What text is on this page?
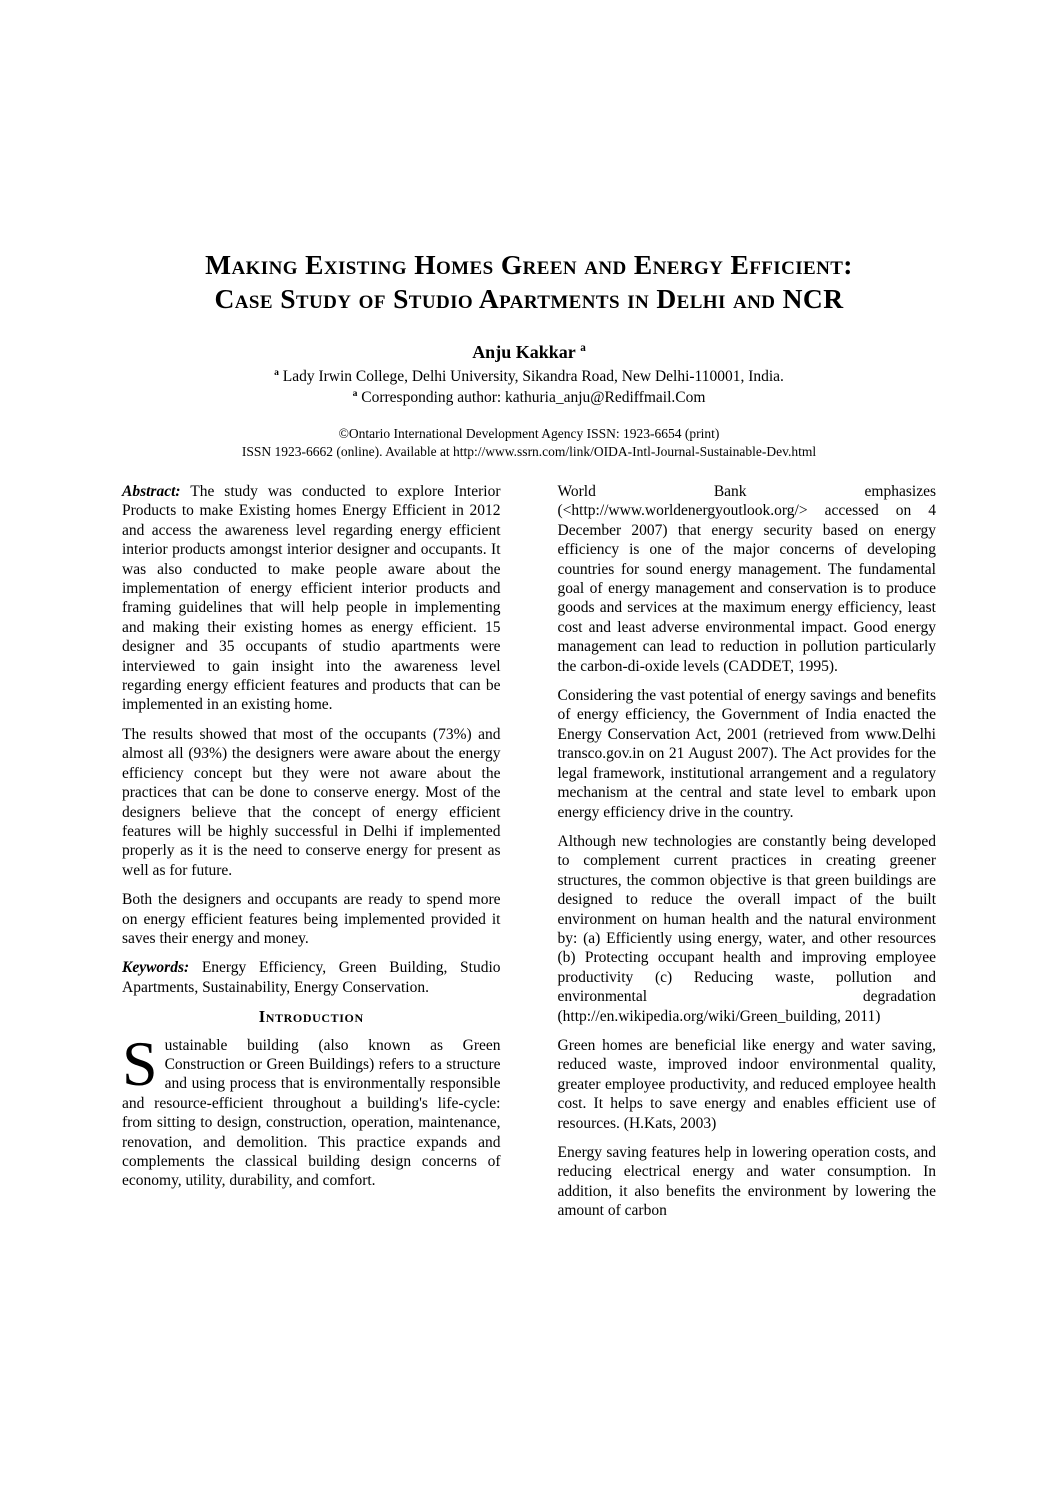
Making Existing Homes Green and Energy Efficient:
Case Study of Studio Apartments in Delhi and NCR
Anju Kakkar $^a$
$^a$ Lady Irwin College, Delhi University, Sikandra Road, New Delhi-110001, India.
$^a$ Corresponding author: kathuria_anju@Rediffmail.Com
©Ontario International Development Agency ISSN: 1923-6654 (print)
ISSN 1923-6662 (online). Available at http://www.ssrn.com/link/OIDA-Intl-Journal-Sustainable-Dev.html

Abstract: The study was conducted to explore Interior Products to make Existing homes Energy Efficient in 2012 and access the awareness level regarding energy efficient interior products amongst interior designer and occupants. It was also conducted to make people aware about the implementation of energy efficient interior products and framing guidelines that will help people in implementing and making their existing homes as energy efficient. 15 designer and 35 occupants of studio apartments were interviewed to gain insight into the awareness level regarding energy efficient features and products that can be implemented in an existing home.

The results showed that most of the occupants (73%) and almost all (93%) the designers were aware about the energy efficiency concept but they were not aware about the practices that can be done to conserve energy. Most of the designers believe that the concept of energy efficient features will be highly successful in Delhi if implemented properly as it is the need to conserve energy for present as well as for future.

Both the designers and occupants are ready to spend more on energy efficient features being implemented provided it saves their energy and money.

Keywords: Energy Efficiency, Green Building, Studio Apartments, Sustainability, Energy Conservation.

Introduction

Sustainable building (also known as Green Construction or Green Buildings) refers to a structure and using process that is environmentally responsible and resource-efficient throughout a building's life-cycle: from sitting to design, construction, operation, maintenance, renovation, and demolition. This practice expands and complements the classical building design concerns of economy, utility, durability, and comfort.

World Bank emphasizes (<http://www.worldenergyoutlook.org/> accessed on 4 December 2007) that energy security based on energy efficiency is one of the major concerns of developing countries for sound energy management. The fundamental goal of energy management and conservation is to produce goods and services at the maximum energy efficiency, least cost and least adverse environmental impact. Good energy management can lead to reduction in pollution particularly the carbon-di-oxide levels (CADDET, 1995).

Considering the vast potential of energy savings and benefits of energy efficiency, the Government of India enacted the Energy Conservation Act, 2001 (retrieved from www.Delhi transco.gov.in on 21 August 2007). The Act provides for the legal framework, institutional arrangement and a regulatory mechanism at the central and state level to embark upon energy efficiency drive in the country.

Although new technologies are constantly being developed to complement current practices in creating greener structures, the common objective is that green buildings are designed to reduce the overall impact of the built environment on human health and the natural environment by: (a) Efficiently using energy, water, and other resources (b) Protecting occupant health and improving employee productivity (c) Reducing waste, pollution and environmental degradation (http://en.wikipedia.org/wiki/Green_building, 2011)

Green homes are beneficial like energy and water saving, reduced waste, improved indoor environmental quality, greater employee productivity, and reduced employee health cost. It helps to save energy and enables efficient use of resources. (H.Kats, 2003)

Energy saving features help in lowering operation costs, and reducing electrical energy and water consumption. In addition, it also benefits the environment by lowering the amount of carbon
